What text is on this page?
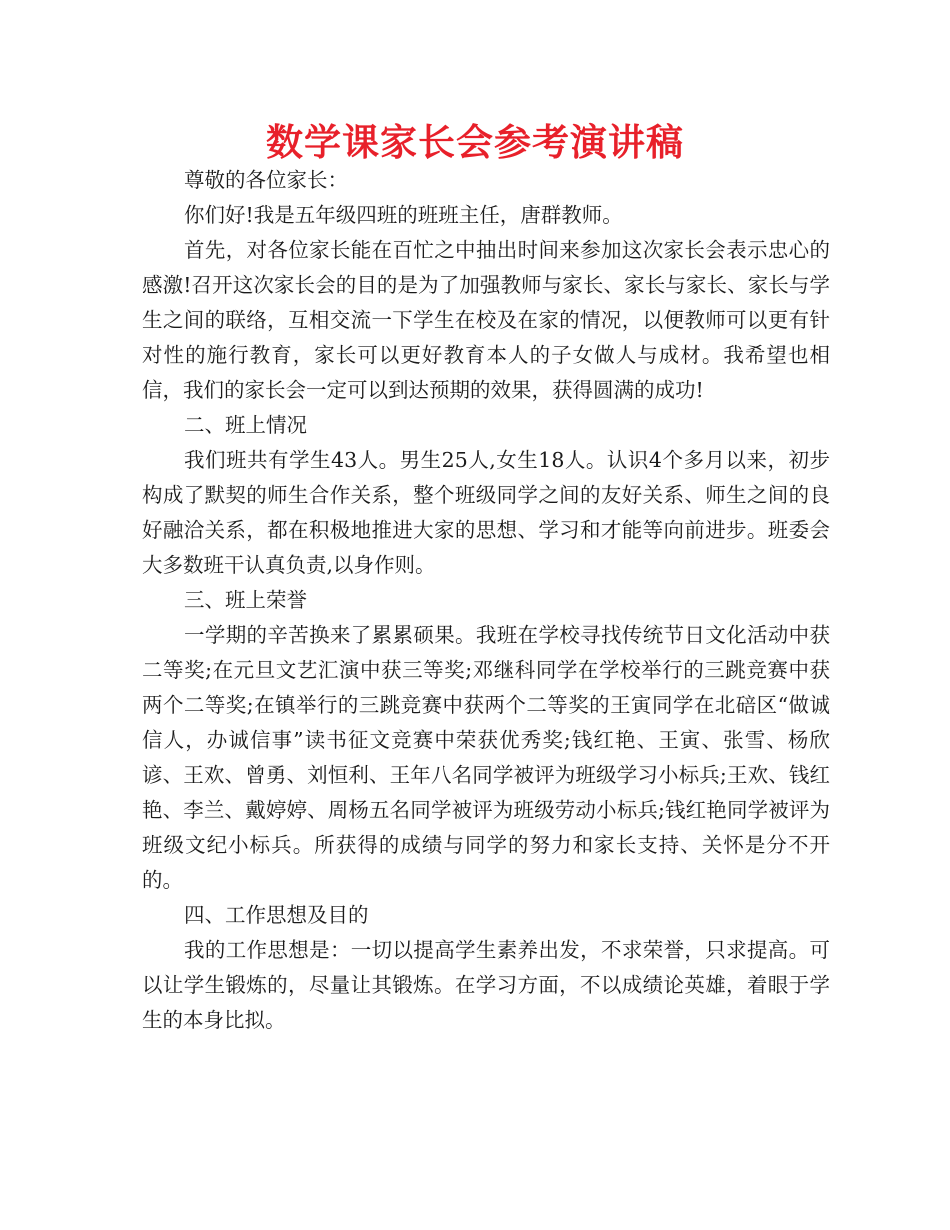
数学课家长会参考演讲稿

尊敬的各位家长：

你们好!我是五年级四班的班班主任，唐群教师。

首先，对各位家长能在百忙之中抽出时间来参加这次家长会表示忠心的感激!召开这次家长会的目的是为了加强教师与家长、家长与家长、家长与学生之间的联络，互相交流一下学生在校及在家的情况，以便教师可以更有针对性的施行教育，家长可以更好教育本人的子女做人与成材。我希望也相信，我们的家长会一定可以到达预期的效果，获得圆满的成功!

二、班上情况

我们班共有学生43人。男生25人,女生18人。认识4个多月以来，初步构成了默契的师生合作关系，整个班级同学之间的友好关系、师生之间的良好融洽关系，都在积极地推进大家的思想、学习和才能等向前进步。班委会大多数班干认真负责,以身作则。

三、班上荣誉

一学期的辛苦换来了累累硕果。我班在学校寻找传统节日文化活动中获二等奖;在元旦文艺汇演中获三等奖;邓继科同学在学校举行的三跳竞赛中获两个二等奖;在镇举行的三跳竞赛中获两个二等奖的王寅同学在北碚区“做诚信人，办诚信事”读书征文竞赛中荣获优秀奖;钱红艳、王寅、张雪、杨欣谚、王欢、曾勇、刘恒利、王年八名同学被评为班级学习小标兵;王欢、钱红艳、李兰、戴婷婷、周杨五名同学被评为班级劳动小标兵;钱红艳同学被评为班级文纪小标兵。所获得的成绩与同学的努力和家长支持、关怀是分不开的。

四、工作思想及目的

我的工作思想是：一切以提高学生素养出发，不求荣誉，只求提高。可以让学生锻炼的，尽量让其锻炼。在学习方面，不以成绩论英雄，着眼于学生的本身比拟。
